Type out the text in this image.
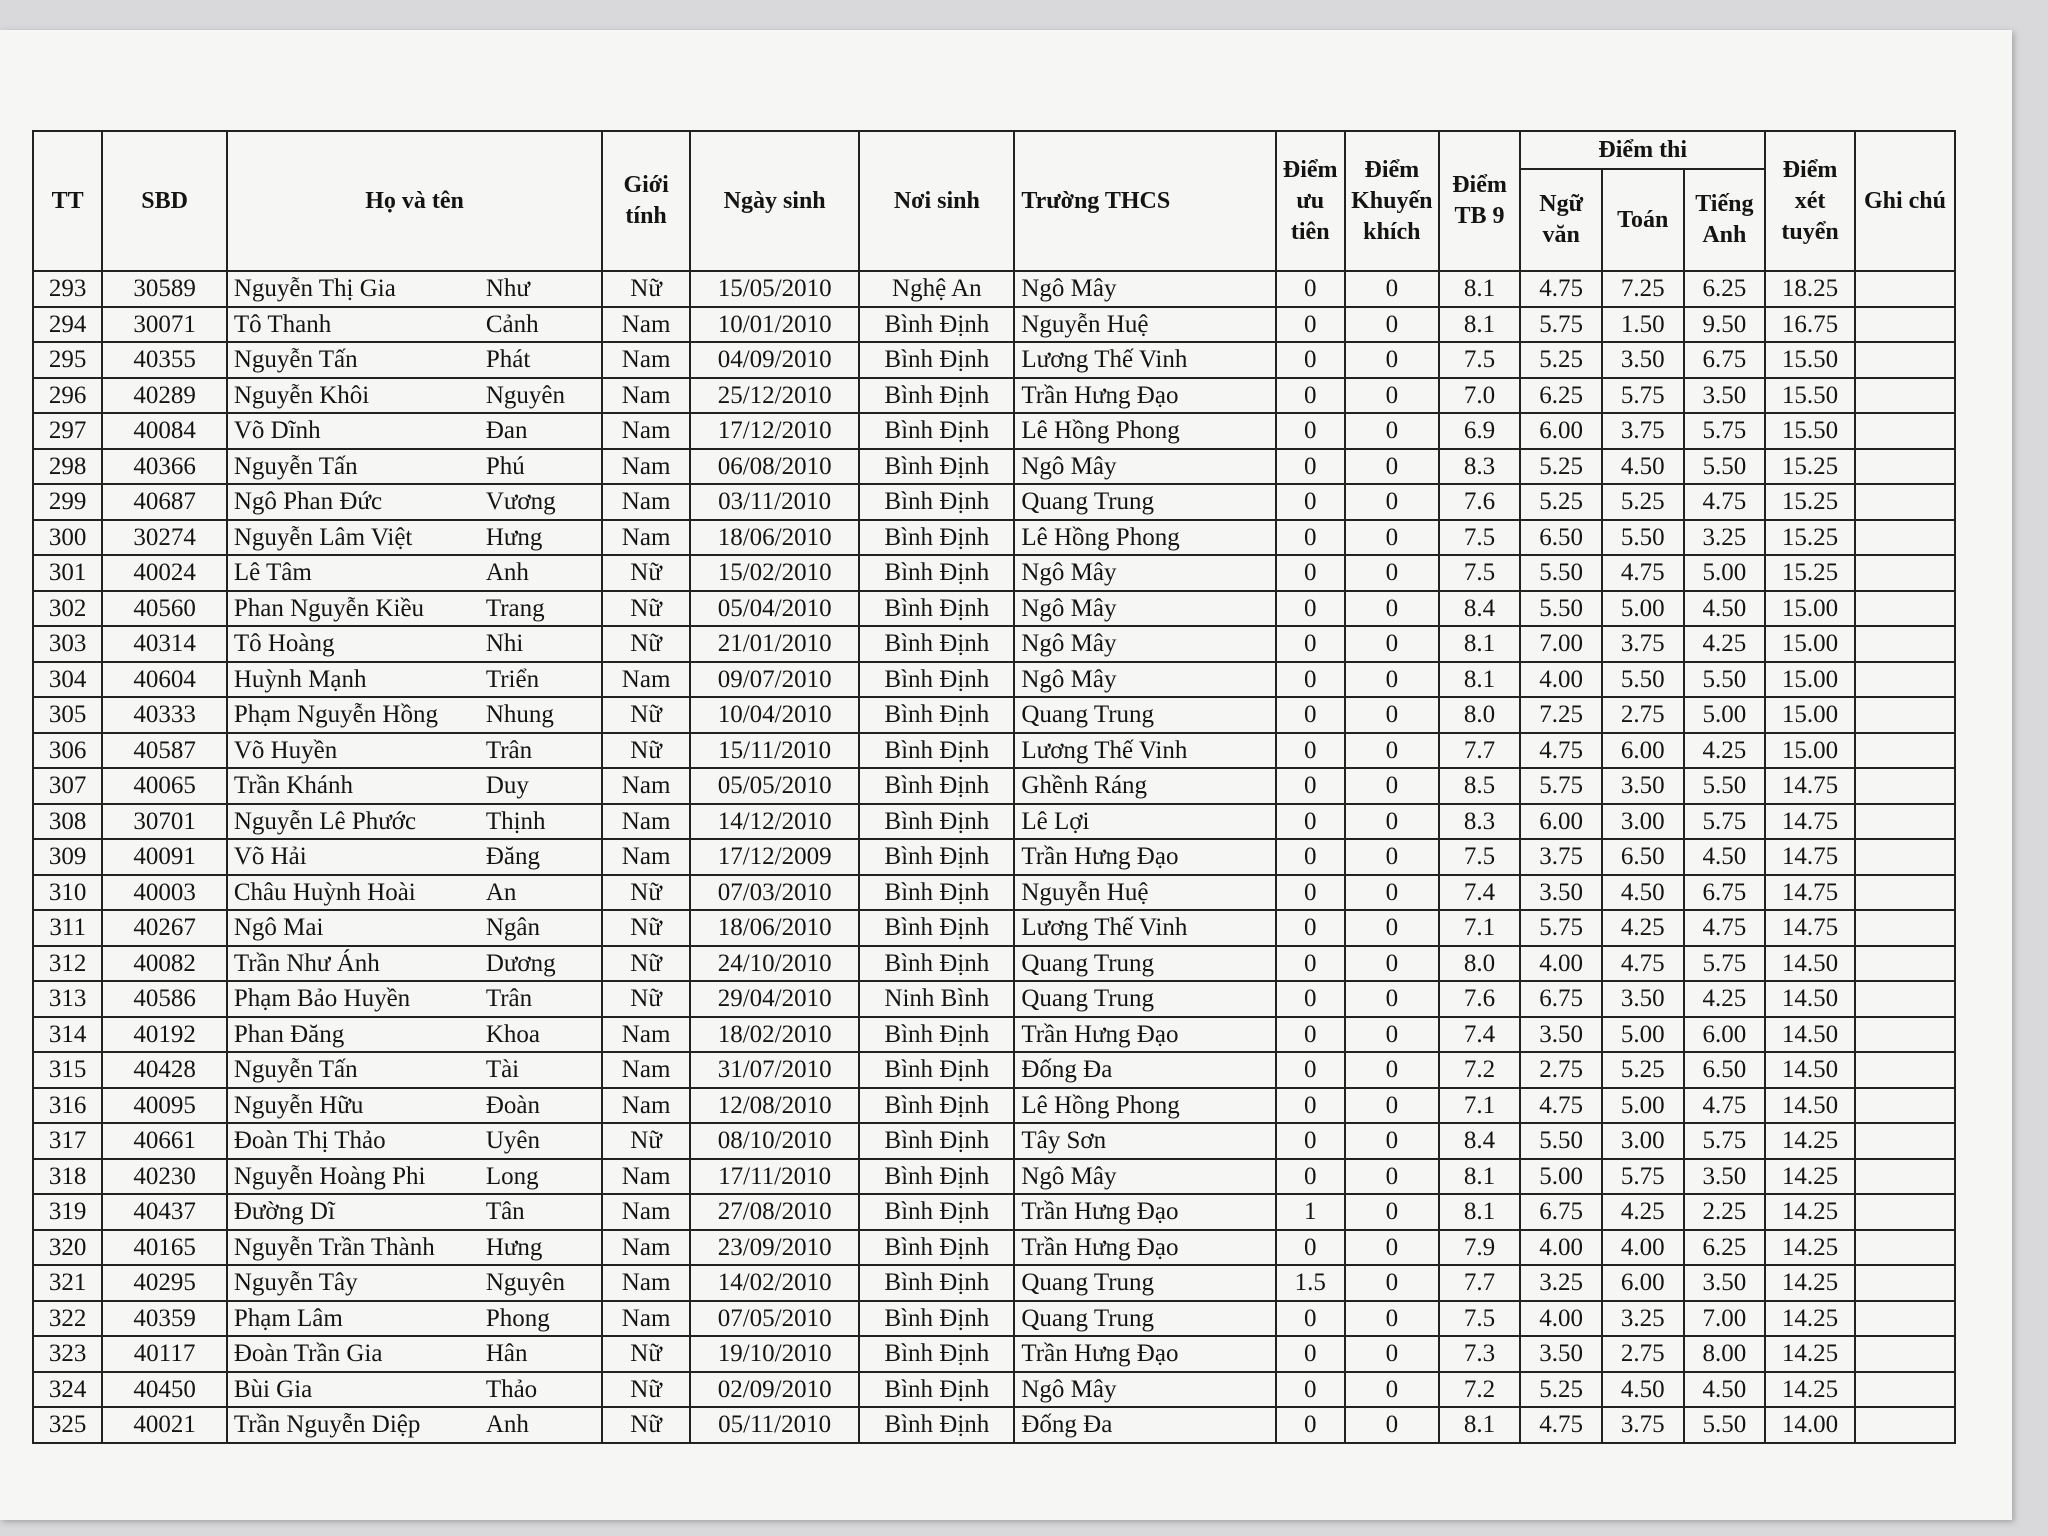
TT	SBD	Họ và tên	Giới tính	Ngày sinh	Nơi sinh	Trường THCS	Điểm ưu tiên	Điểm Khuyến khích	Điểm TB 9	Điểm thi			Điểm xét tuyển	Ghi chú
										Ngữ văn	Toán	Tiếng Anh		
293	30589	Nguyễn Thị Gia Như	Nữ	15/05/2010	Nghệ An	Ngô Mây	0	0	8.1	4.75	7.25	6.25	18.25	
294	30071	Tô Thanh Cảnh	Nam	10/01/2010	Bình Định	Nguyễn Huệ	0	0	8.1	5.75	1.50	9.50	16.75	
295	40355	Nguyễn Tấn Phát	Nam	04/09/2010	Bình Định	Lương Thế Vinh	0	0	7.5	5.25	3.50	6.75	15.50	
296	40289	Nguyễn Khôi Nguyên	Nam	25/12/2010	Bình Định	Trần Hưng Đạo	0	0	7.0	6.25	5.75	3.50	15.50	
297	40084	Võ Dĩnh Đan	Nam	17/12/2010	Bình Định	Lê Hồng Phong	0	0	6.9	6.00	3.75	5.75	15.50	
298	40366	Nguyễn Tấn Phú	Nam	06/08/2010	Bình Định	Ngô Mây	0	0	8.3	5.25	4.50	5.50	15.25	
299	40687	Ngô Phan Đức Vương	Nam	03/11/2010	Bình Định	Quang Trung	0	0	7.6	5.25	5.25	4.75	15.25	
300	30274	Nguyễn Lâm Việt Hưng	Nam	18/06/2010	Bình Định	Lê Hồng Phong	0	0	7.5	6.50	5.50	3.25	15.25	
301	40024	Lê Tâm Anh	Nữ	15/02/2010	Bình Định	Ngô Mây	0	0	7.5	5.50	4.75	5.00	15.25	
302	40560	Phan Nguyễn Kiều Trang	Nữ	05/04/2010	Bình Định	Ngô Mây	0	0	8.4	5.50	5.00	4.50	15.00	
303	40314	Tô Hoàng Nhi	Nữ	21/01/2010	Bình Định	Ngô Mây	0	0	8.1	7.00	3.75	4.25	15.00	
304	40604	Huỳnh Mạnh Triển	Nam	09/07/2010	Bình Định	Ngô Mây	0	0	8.1	4.00	5.50	5.50	15.00	
305	40333	Phạm Nguyễn Hồng Nhung	Nữ	10/04/2010	Bình Định	Quang Trung	0	0	8.0	7.25	2.75	5.00	15.00	
306	40587	Võ Huyền Trân	Nữ	15/11/2010	Bình Định	Lương Thế Vinh	0	0	7.7	4.75	6.00	4.25	15.00	
307	40065	Trần Khánh Duy	Nam	05/05/2010	Bình Định	Ghềnh Ráng	0	0	8.5	5.75	3.50	5.50	14.75	
308	30701	Nguyễn Lê Phước Thịnh	Nam	14/12/2010	Bình Định	Lê Lợi	0	0	8.3	6.00	3.00	5.75	14.75	
309	40091	Võ Hải Đăng	Nam	17/12/2009	Bình Định	Trần Hưng Đạo	0	0	7.5	3.75	6.50	4.50	14.75	
310	40003	Châu Huỳnh Hoài An	Nữ	07/03/2010	Bình Định	Nguyễn Huệ	0	0	7.4	3.50	4.50	6.75	14.75	
311	40267	Ngô Mai Ngân	Nữ	18/06/2010	Bình Định	Lương Thế Vinh	0	0	7.1	5.75	4.25	4.75	14.75	
312	40082	Trần Như Ánh Dương	Nữ	24/10/2010	Bình Định	Quang Trung	0	0	8.0	4.00	4.75	5.75	14.50	
313	40586	Phạm Bảo Huyền Trân	Nữ	29/04/2010	Ninh Bình	Quang Trung	0	0	7.6	6.75	3.50	4.25	14.50	
314	40192	Phan Đăng Khoa	Nam	18/02/2010	Bình Định	Trần Hưng Đạo	0	0	7.4	3.50	5.00	6.00	14.50	
315	40428	Nguyễn Tấn Tài	Nam	31/07/2010	Bình Định	Đống Đa	0	0	7.2	2.75	5.25	6.50	14.50	
316	40095	Nguyễn Hữu Đoàn	Nam	12/08/2010	Bình Định	Lê Hồng Phong	0	0	7.1	4.75	5.00	4.75	14.50	
317	40661	Đoàn Thị Thảo Uyên	Nữ	08/10/2010	Bình Định	Tây Sơn	0	0	8.4	5.50	3.00	5.75	14.25	
318	40230	Nguyễn Hoàng Phi Long	Nam	17/11/2010	Bình Định	Ngô Mây	0	0	8.1	5.00	5.75	3.50	14.25	
319	40437	Đường Dĩ Tân	Nam	27/08/2010	Bình Định	Trần Hưng Đạo	1	0	8.1	6.75	4.25	2.25	14.25	
320	40165	Nguyễn Trần Thành Hưng	Nam	23/09/2010	Bình Định	Trần Hưng Đạo	0	0	7.9	4.00	4.00	6.25	14.25	
321	40295	Nguyễn Tây Nguyên	Nam	14/02/2010	Bình Định	Quang Trung	1.5	0	7.7	3.25	6.00	3.50	14.25	
322	40359	Phạm Lâm Phong	Nam	07/05/2010	Bình Định	Quang Trung	0	0	7.5	4.00	3.25	7.00	14.25	
323	40117	Đoàn Trần Gia Hân	Nữ	19/10/2010	Bình Định	Trần Hưng Đạo	0	0	7.3	3.50	2.75	8.00	14.25	
324	40450	Bùi Gia Thảo	Nữ	02/09/2010	Bình Định	Ngô Mây	0	0	7.2	5.25	4.50	4.50	14.25	
325	40021	Trần Nguyễn Diệp Anh	Nữ	05/11/2010	Bình Định	Đống Đa	0	0	8.1	4.75	3.75	5.50	14.00	
